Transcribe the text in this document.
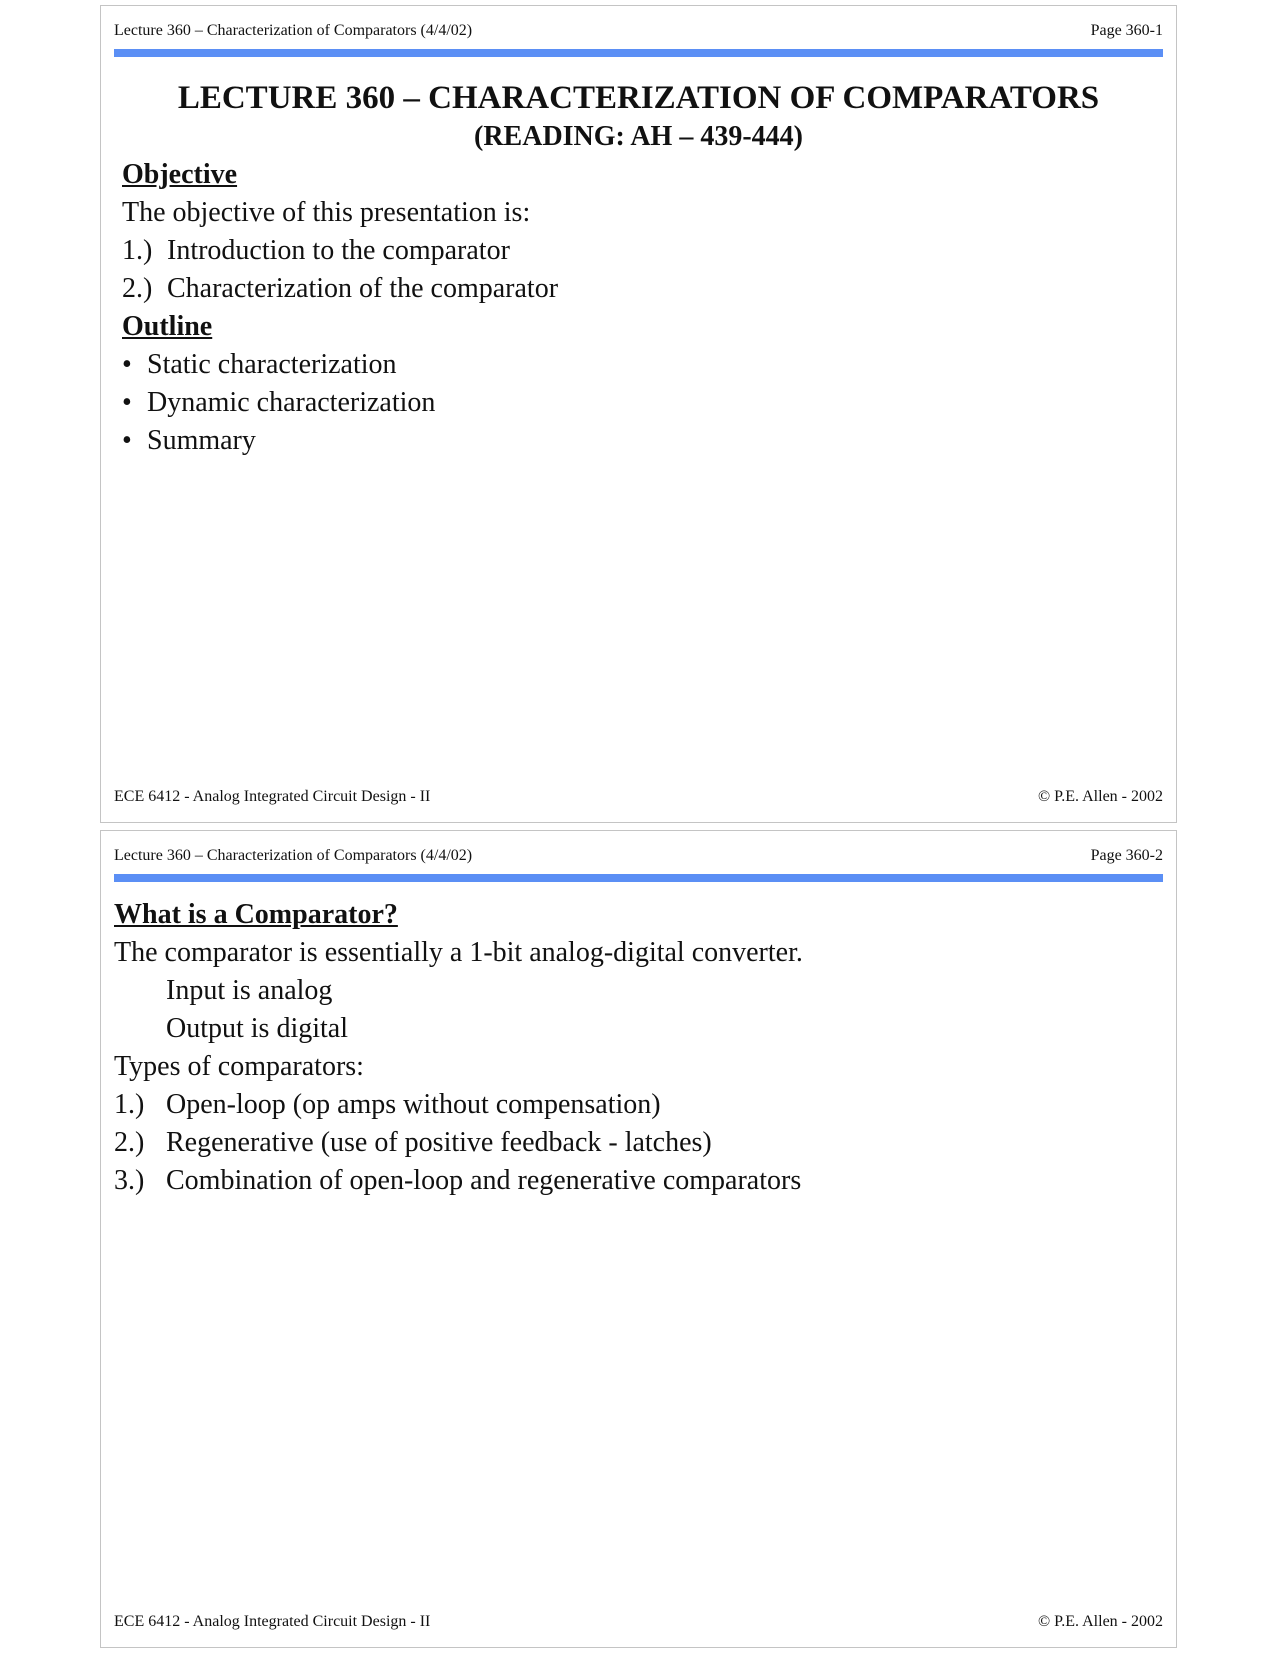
Lecture 360 – Characterization of Comparators (4/4/02)	Page 360-1
LECTURE 360 – CHARACTERIZATION OF COMPARATORS
(READING: AH – 439-444)
Objective
The objective of this presentation is:
1.) Introduction to the comparator
2.) Characterization of the comparator
Outline
• Static characterization
• Dynamic characterization
• Summary
ECE 6412 - Analog Integrated Circuit Design - II	© P.E. Allen - 2002
Lecture 360 – Characterization of Comparators (4/4/02)	Page 360-2
What is a Comparator?
The comparator is essentially a 1-bit analog-digital converter.
Input is analog
Output is digital
Types of comparators:
1.) Open-loop (op amps without compensation)
2.) Regenerative (use of positive feedback - latches)
3.) Combination of open-loop and regenerative comparators
ECE 6412 - Analog Integrated Circuit Design - II	© P.E. Allen - 2002
